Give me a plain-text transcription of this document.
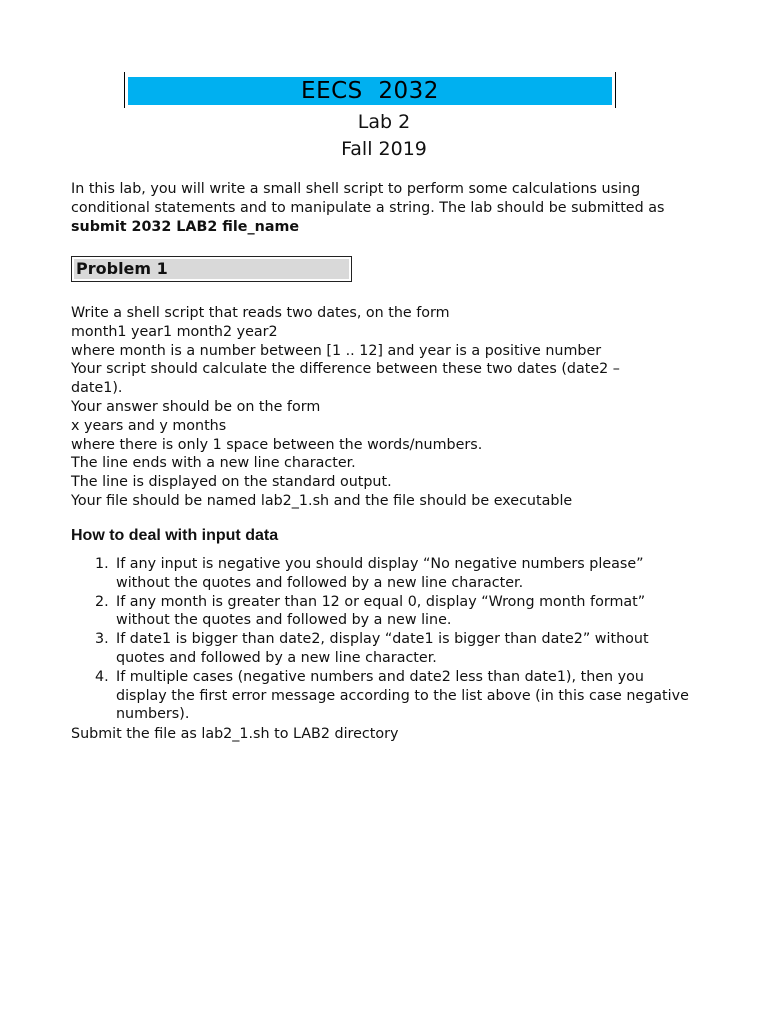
EECS  2032
Lab 2
Fall 2019
In this lab, you will write a small shell script to perform some calculations using conditional statements and to manipulate a string. The lab should be submitted as submit 2032 LAB2 file_name
Problem 1
Write a shell script that reads two dates, on the form
month1 year1 month2 year2
where month is a number between [1 .. 12] and year is a positive number
Your script should calculate the difference between these two dates (date2 –
date1).
Your answer should be on the form
x years and y months
where there is only 1 space between the words/numbers.
The line ends with a new line character.
The line is displayed on the standard output.
Your file should be named lab2_1.sh and the file should be executable
How to deal with input data
1. If any input is negative you should display “No negative numbers please” without the quotes and followed by a new line character.
2. If any month is greater than 12 or equal 0, display “Wrong month format” without the quotes and followed by a new line.
3. If date1 is bigger than date2, display “date1 is bigger than date2” without quotes and followed by a new line character.
4. If multiple cases (negative numbers and date2 less than date1), then you display the first error message according to the list above (in this case negative numbers).
Submit the file as lab2_1.sh to LAB2 directory
